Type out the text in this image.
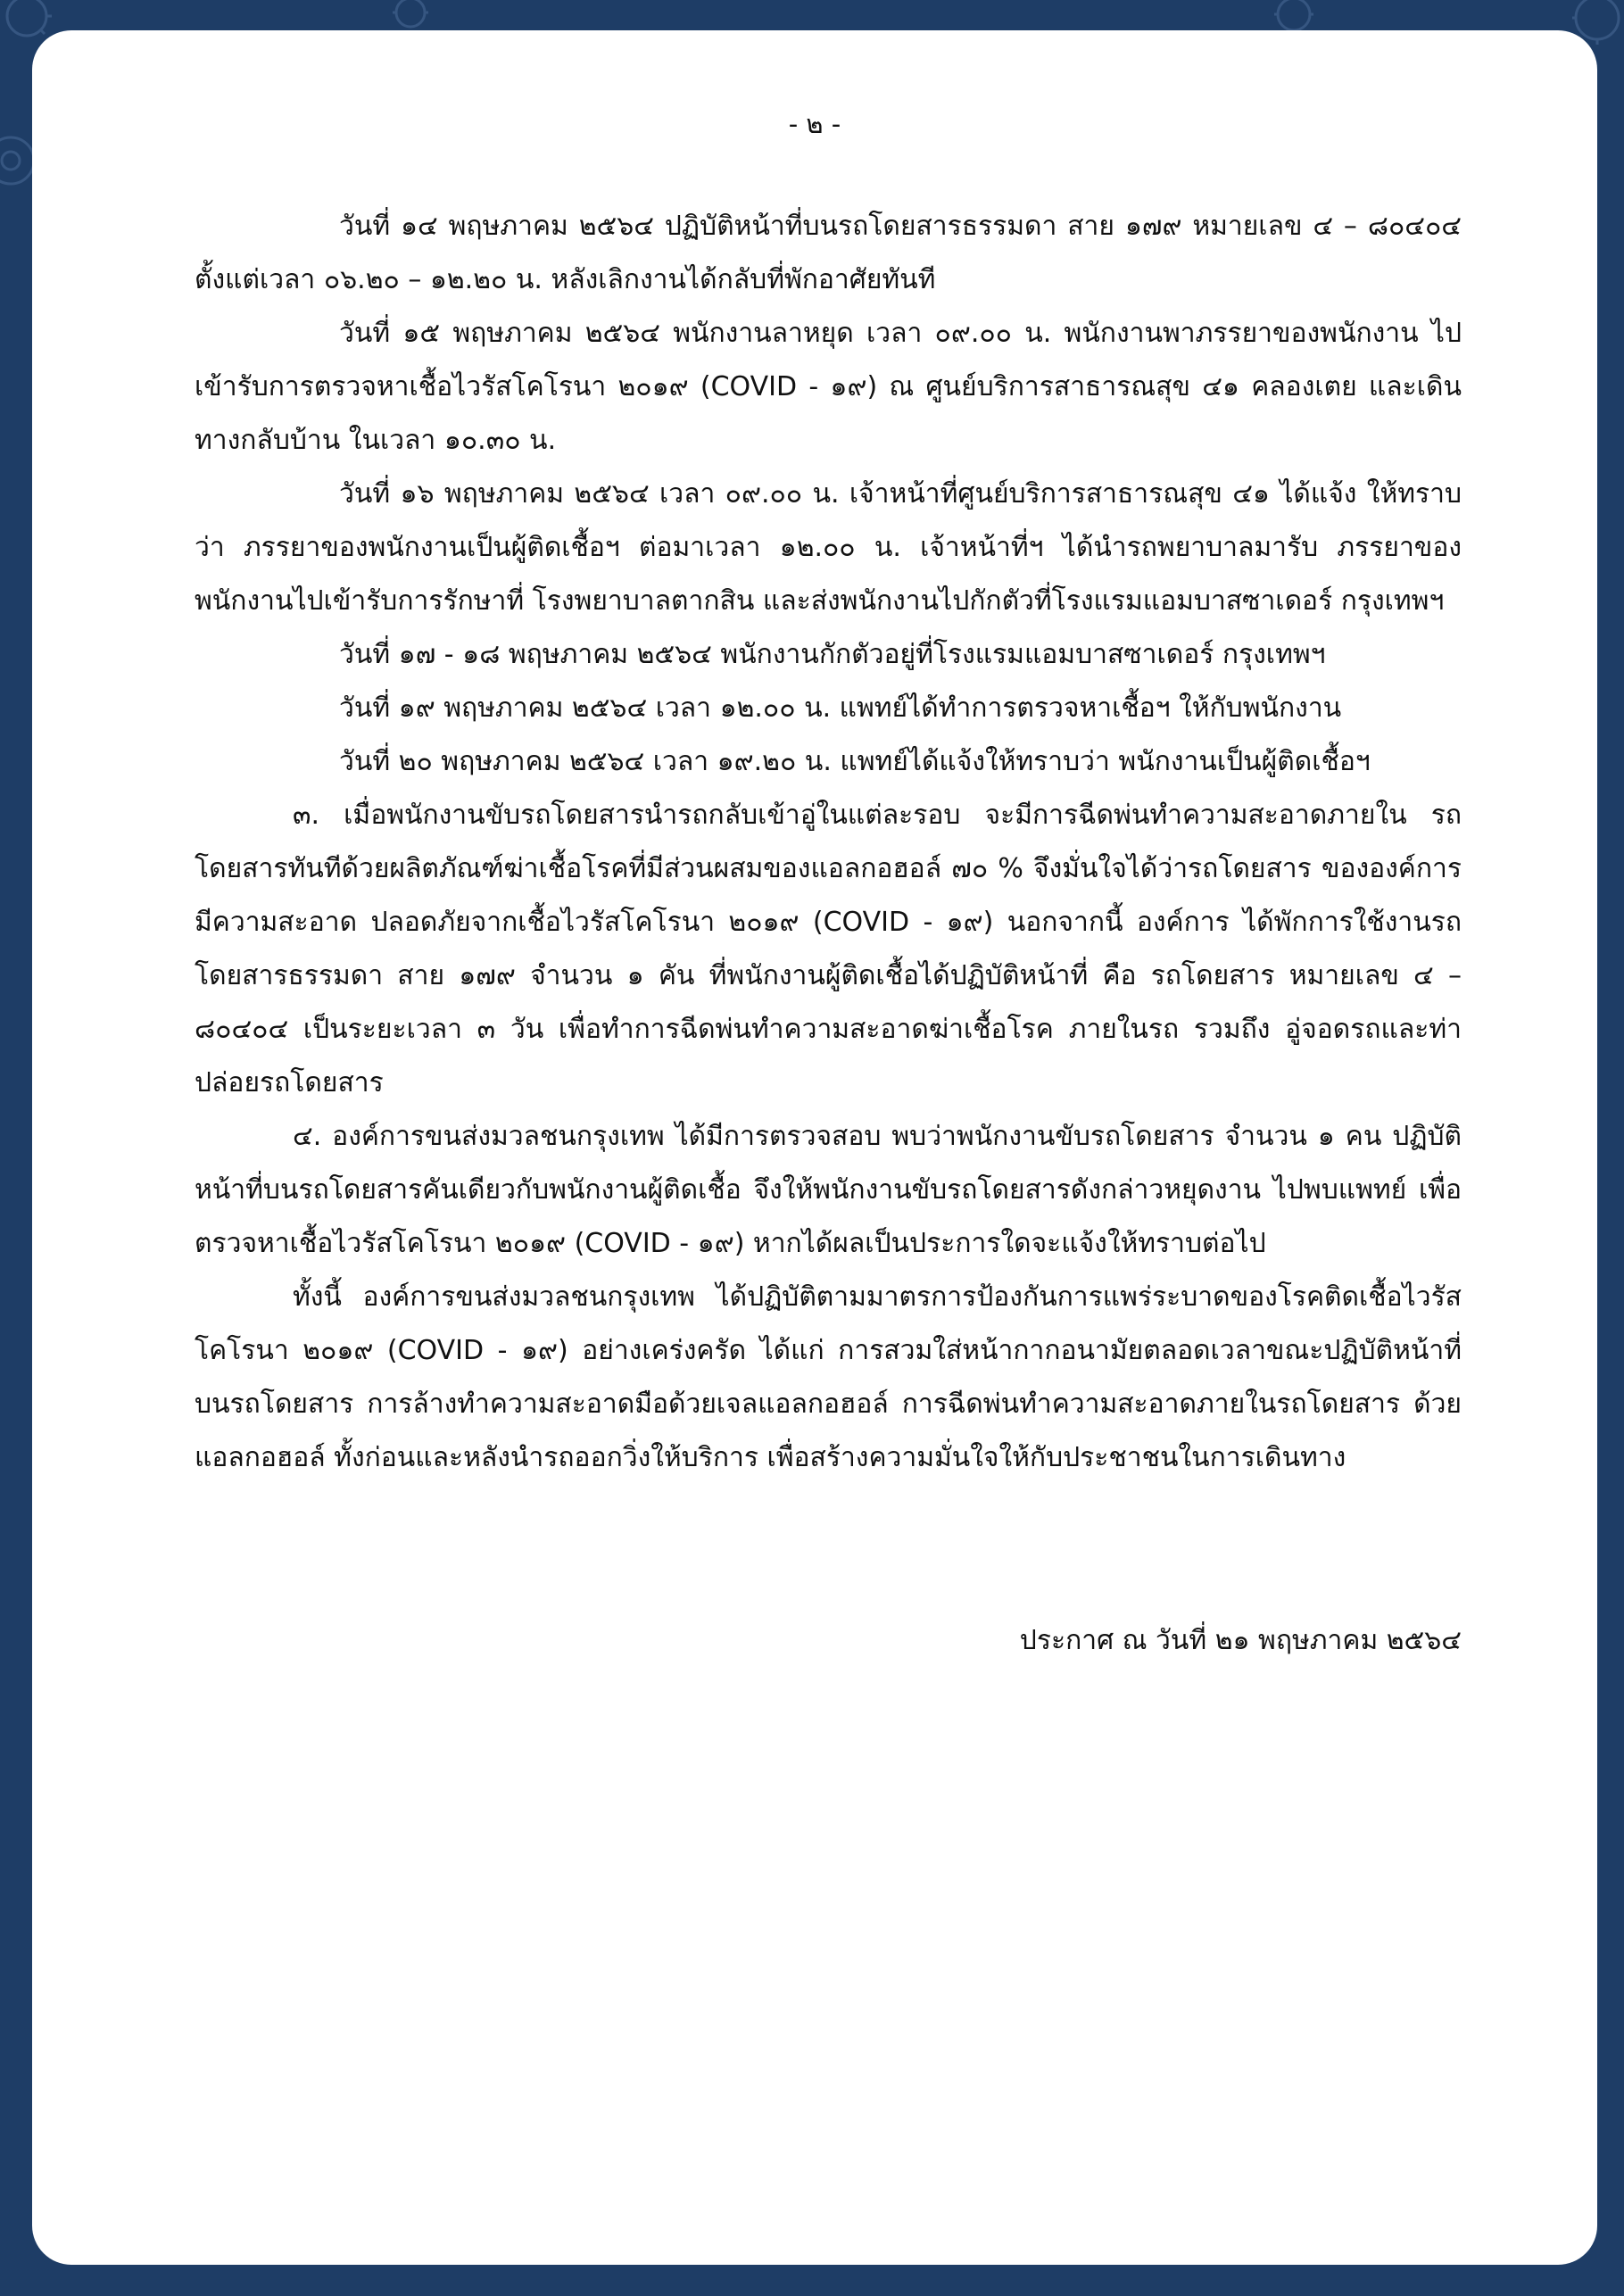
- ๒ -

วันที่ ๑๔ พฤษภาคม ๒๕๖๔ ปฏิบัติหน้าที่บนรถโดยสารธรรมดา สาย ๑๗๙ หมายเลข ๔ – ๘๐๔๐๔ ตั้งแต่เวลา ๐๖.๒๐ – ๑๒.๒๐ น. หลังเลิกงานได้กลับที่พักอาศัยทันที

วันที่ ๑๕ พฤษภาคม ๒๕๖๔ พนักงานลาหยุด เวลา ๐๙.๐๐ น. พนักงานพาภรรยาของพนักงาน ไปเข้ารับการตรวจหาเชื้อไวรัสโคโรนา ๒๐๑๙ (COVID - ๑๙) ณ ศูนย์บริการสาธารณสุข ๔๑ คลองเตย และเดินทางกลับบ้าน ในเวลา ๑๐.๓๐ น.

วันที่ ๑๖ พฤษภาคม ๒๕๖๔ เวลา ๐๙.๐๐ น. เจ้าหน้าที่ศูนย์บริการสาธารณสุข ๔๑ ได้แจ้ง ให้ทราบว่า ภรรยาของพนักงานเป็นผู้ติดเชื้อฯ ต่อมาเวลา ๑๒.๐๐ น. เจ้าหน้าที่ฯ ได้นำรถพยาบาลมารับ ภรรยาของพนักงานไปเข้ารับการรักษาที่ โรงพยาบาลตากสิน และส่งพนักงานไปกักตัวที่โรงแรมแอมบาสซาเดอร์ กรุงเทพฯ

วันที่ ๑๗ - ๑๘ พฤษภาคม ๒๕๖๔ พนักงานกักตัวอยู่ที่โรงแรมแอมบาสซาเดอร์ กรุงเทพฯ

วันที่ ๑๙ พฤษภาคม ๒๕๖๔ เวลา ๑๒.๐๐ น. แพทย์ได้ทำการตรวจหาเชื้อฯ ให้กับพนักงาน

วันที่ ๒๐ พฤษภาคม ๒๕๖๔ เวลา ๑๙.๒๐ น. แพทย์ได้แจ้งให้ทราบว่า พนักงานเป็นผู้ติดเชื้อฯ

๓. เมื่อพนักงานขับรถโดยสารนำรถกลับเข้าอู่ในแต่ละรอบ จะมีการฉีดพ่นทำความสะอาดภายใน รถโดยสารทันทีด้วยผลิตภัณฑ์ฆ่าเชื้อโรคที่มีส่วนผสมของแอลกอฮอล์ ๗๐ % จึงมั่นใจได้ว่ารถโดยสาร ขององค์การมีความสะอาด ปลอดภัยจากเชื้อไวรัสโคโรนา ๒๐๑๙ (COVID - ๑๙) นอกจากนี้ องค์การ ได้พักการใช้งานรถโดยสารธรรมดา สาย ๑๗๙ จำนวน ๑ คัน ที่พนักงานผู้ติดเชื้อได้ปฏิบัติหน้าที่ คือ รถโดยสาร หมายเลข ๔ – ๘๐๔๐๔ เป็นระยะเวลา ๓ วัน เพื่อทำการฉีดพ่นทำความสะอาดฆ่าเชื้อโรค ภายในรถ รวมถึง อู่จอดรถและท่าปล่อยรถโดยสาร

๔. องค์การขนส่งมวลชนกรุงเทพ ได้มีการตรวจสอบ พบว่าพนักงานขับรถโดยสาร จำนวน ๑ คน ปฏิบัติหน้าที่บนรถโดยสารคันเดียวกับพนักงานผู้ติดเชื้อ จึงให้พนักงานขับรถโดยสารดังกล่าวหยุดงาน ไปพบแพทย์ เพื่อตรวจหาเชื้อไวรัสโคโรนา ๒๐๑๙ (COVID - ๑๙) หากได้ผลเป็นประการใดจะแจ้งให้ทราบต่อไป

ทั้งนี้ องค์การขนส่งมวลชนกรุงเทพ ได้ปฏิบัติตามมาตรการป้องกันการแพร่ระบาดของโรคติดเชื้อไวรัส โคโรนา ๒๐๑๙ (COVID - ๑๙) อย่างเคร่งครัด ได้แก่ การสวมใส่หน้ากากอนามัยตลอดเวลาขณะปฏิบัติหน้าที่ บนรถโดยสาร การล้างทำความสะอาดมือด้วยเจลแอลกอฮอล์ การฉีดพ่นทำความสะอาดภายในรถโดยสาร ด้วยแอลกอฮอล์ ทั้งก่อนและหลังนำรถออกวิ่งให้บริการ เพื่อสร้างความมั่นใจให้กับประชาชนในการเดินทาง

ประกาศ ณ วันที่ ๒๑ พฤษภาคม ๒๕๖๔
